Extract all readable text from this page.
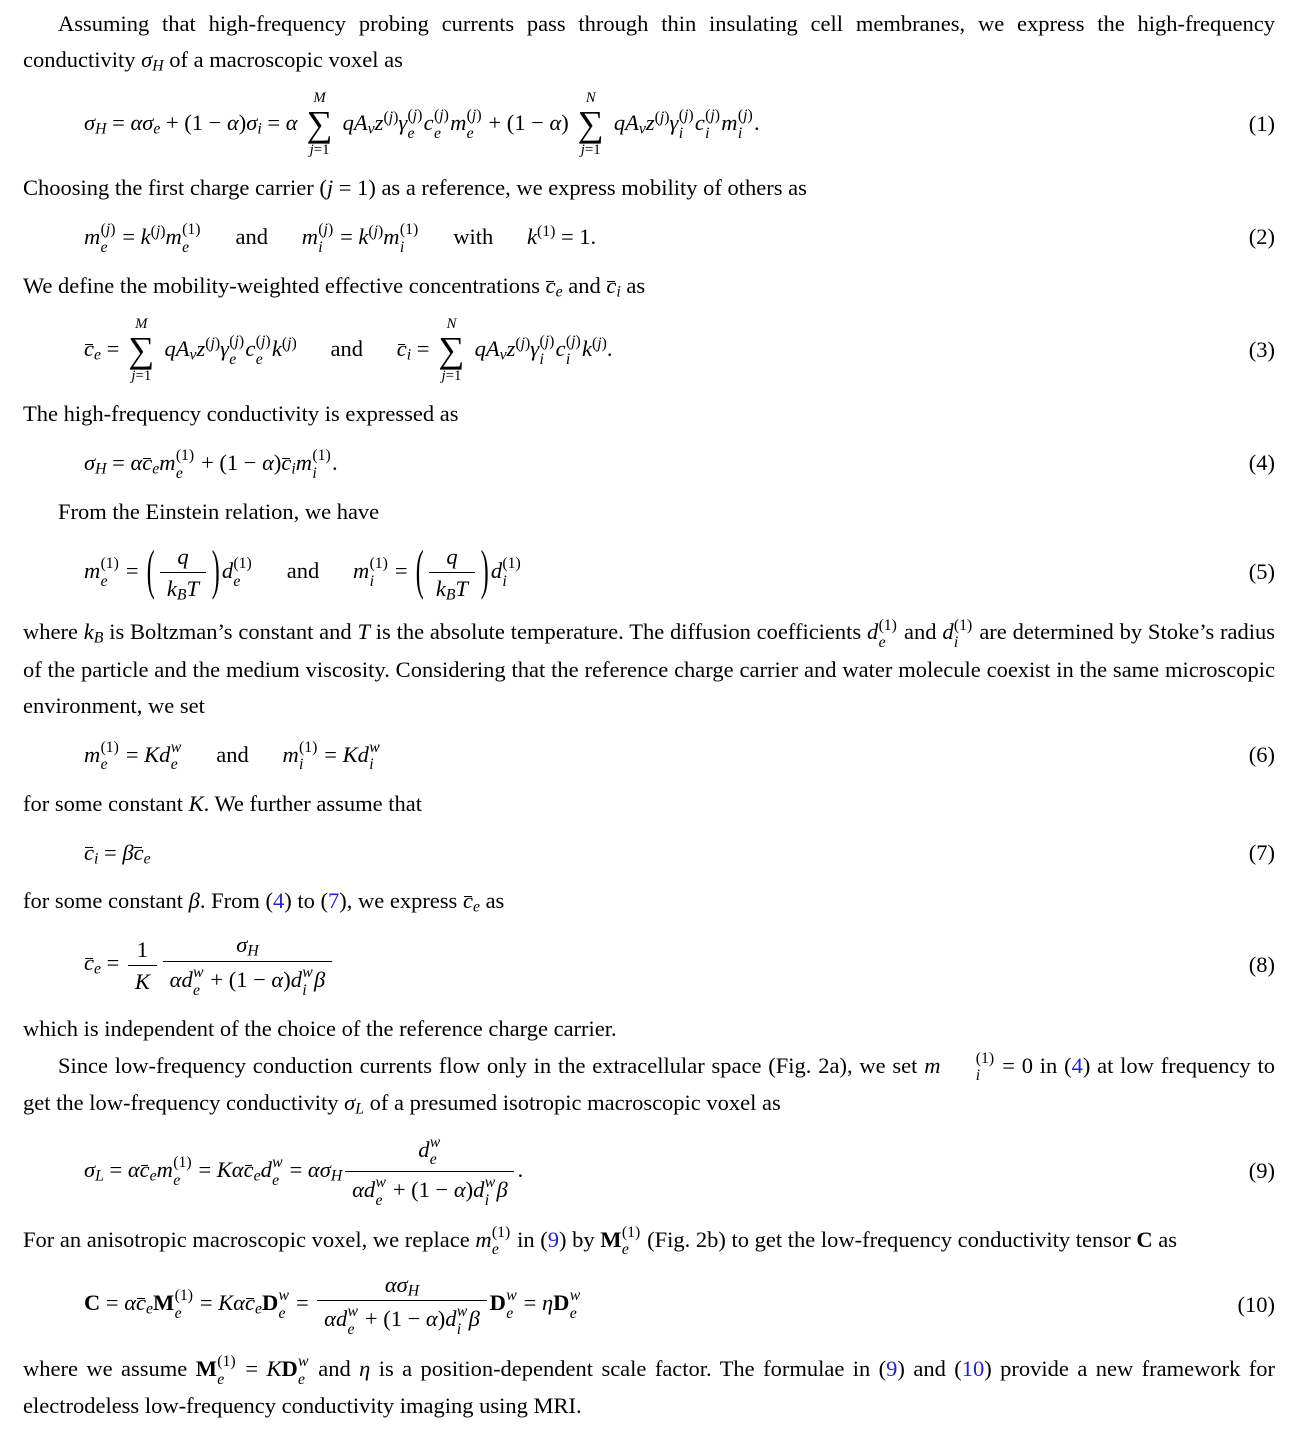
Assuming that high-frequency probing currents pass through thin insulating cell membranes, we express the high-frequency conductivity $\sigma_H$ of a macroscopic voxel as

$\sigma_H = \alpha\sigma_e + (1 - \alpha)\sigma_i = \alpha$
M
∑
j=1
$qA_vz^{(j)}\gamma$ (j)
e c (j)
e m (j)
e + (1 − α)
N
∑
j=1
$qA_vz^{(j)}\gamma$ (j)
i c (j)
i m (j)
i .	(1)

Choosing the first charge carrier (j = 1) as a reference, we express mobility of others as

m (j)
$e = k^{(j)}m$ (1)
e
   and    m (j)
$i = k^{(j)}m$ (1)
i
   with    $k^{(1)} = 1$.	(2)

We define the mobility-weighted effective concentrations $c_e$ and $c_i$ as

$c_e$ =
M
∑
j=1
$qA_vz^{(j)}\gamma$ (j)
e c (j)
e $k^{(j)}$    and    $c_i$ =
N
∑
j=1
$qA_vz^{(j)}\gamma$ (j)
i c (j)
i $k^{(j)}$.	(3)

The high-frequency conductivity is expressed as

$\sigma_H = \alpha c_em$ (1)
$e + (1 - \alpha)c_im$ (1)
i .	(4)

From the Einstein relation, we have

m (1)
e = ( $\frac{q}{k_BT}$ ) d (1)
e
   and    m (1)
i = ( $\frac{q}{k_BT}$ ) d (1)
i	(5)

where $k_B$ is Boltzman’s constant and T is the absolute temperature. The diffusion coefficients d (1)
e and d (1)
i are determined by Stoke’s radius of the particle and the medium viscosity. Considering that the reference charge carrier and water molecule coexist in the same microscopic environment, we set

m (1)
e = Kd w
e
   and    m (1)
i = Kd w
i	(6)

for some constant K. We further assume that

$c_i = \beta c_e$	(7)

for some constant β. From (4) to (7), we express $c_e$ as

$c_e = \frac{1}{K} \sigma_H$
αd w
e + (1 − α)d w
i β	(8)

which is independent of the choice of the reference charge carrier.

Since low-frequency conduction currents flow only in the extracellular space (Fig. 2a), we set m	(1)
i = 0 in (4) at low frequency to get the low-frequency conductivity $\sigma_L$ of a presumed isotropic macroscopic voxel as

$\sigma_L = \alpha c_em$ (1)
e = Kαc$_e$d w
$e = \alpha\sigma_H$ d w
e
αd w
e + (1 − α)d w
i β .	(9)

For an anisotropic macroscopic voxel, we replace m (1)
e in (9) by M (1)
e (Fig. 2b) to get the low-frequency conductivity tensor C as

$C = \alpha c_eM$ (1)
e = Kαc$_e$D w
$e = \alpha\sigma_H$
αd w
e + (1 − α)d w
i β D w
e = ηD w
e	(10)

where we assume M (1)
e = KD w
e and η is a position-dependent scale factor. The formulae in (9) and (10) provide a new framework for electrodeless low-frequency conductivity imaging using MRI.
